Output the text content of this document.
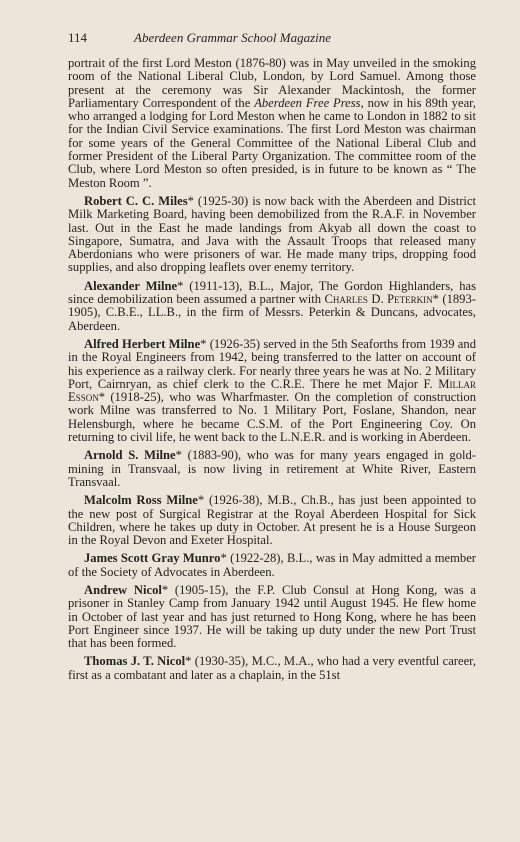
114	Aberdeen Grammar School Magazine

portrait of the first Lord Meston (1876-80) was in May unveiled in the smoking room of the National Liberal Club, London, by Lord Samuel. Among those present at the ceremony was Sir Alexander Mackintosh, the former Parliamentary Correspondent of the Aberdeen Free Press, now in his 89th year, who arranged a lodging for Lord Meston when he came to London in 1882 to sit for the Indian Civil Service examinations. The first Lord Meston was chairman for some years of the General Committee of the National Liberal Club and former President of the Liberal Party Organization. The committee room of the Club, where Lord Meston so often presided, is in future to be known as “ The Meston Room ”.

Robert C. C. Miles* (1925-30) is now back with the Aberdeen and District Milk Marketing Board, having been demobilized from the R.A.F. in November last. Out in the East he made landings from Akyab all down the coast to Singapore, Sumatra, and Java with the Assault Troops that released many Aberdonians who were prisoners of war. He made many trips, dropping food supplies, and also dropping leaflets over enemy territory.

Alexander Milne* (1911-13), B.L., Major, The Gordon Highlanders, has since demobilization been assumed a partner with Charles D. Peterkin* (1893-1905), C.B.E., LL.B., in the firm of Messrs. Peterkin & Duncans, advocates, Aberdeen.

Alfred Herbert Milne* (1926-35) served in the 5th Seaforths from 1939 and in the Royal Engineers from 1942, being transferred to the latter on account of his experience as a railway clerk. For nearly three years he was at No. 2 Military Port, Cairnryan, as chief clerk to the C.R.E. There he met Major F. Millar Esson* (1918-25), who was Wharfmaster. On the completion of construction work Milne was transferred to No. 1 Military Port, Foslane, Shandon, near Helensburgh, where he became C.S.M. of the Port Engineering Coy. On returning to civil life, he went back to the L.N.E.R. and is working in Aberdeen.

Arnold S. Milne* (1883-90), who was for many years engaged in gold-mining in Transvaal, is now living in retirement at White River, Eastern Transvaal.

Malcolm Ross Milne* (1926-38), M.B., Ch.B., has just been appointed to the new post of Surgical Registrar at the Royal Aberdeen Hospital for Sick Children, where he takes up duty in October. At present he is a House Surgeon in the Royal Devon and Exeter Hospital.

James Scott Gray Munro* (1922-28), B.L., was in May admitted a member of the Society of Advocates in Aberdeen.

Andrew Nicol* (1905-15), the F.P. Club Consul at Hong Kong, was a prisoner in Stanley Camp from January 1942 until August 1945. He flew home in October of last year and has just returned to Hong Kong, where he has been Port Engineer since 1937. He will be taking up duty under the new Port Trust that has been formed.

Thomas J. T. Nicol* (1930-35), M.C., M.A., who had a very eventful career, first as a combatant and later as a chaplain, in the 51st
